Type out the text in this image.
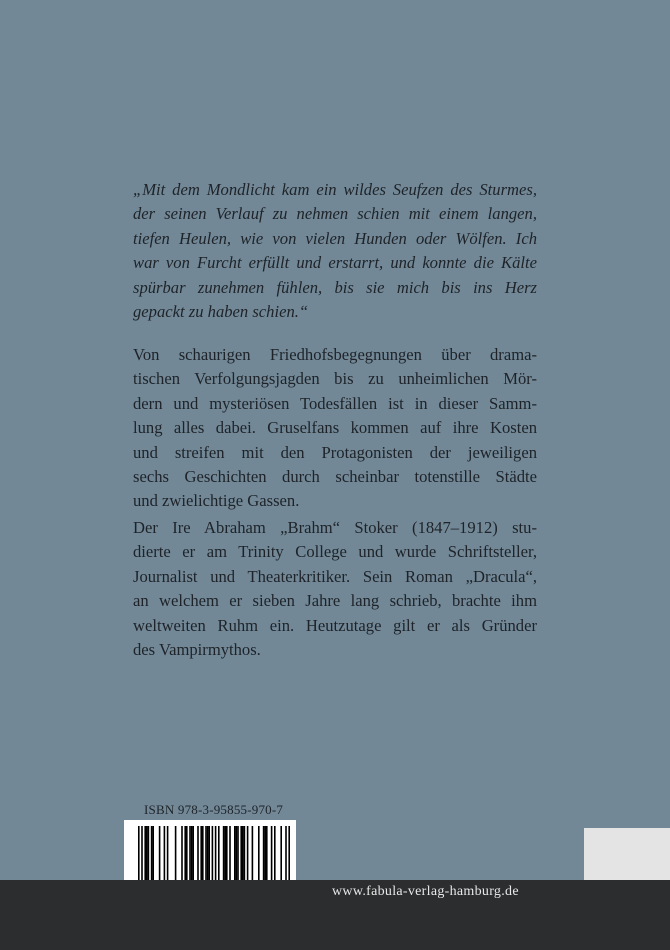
„Mit dem Mondlicht kam ein wildes Seufzen des Sturmes,
der seinen Verlauf zu nehmen schien mit einem langen,
tiefen Heulen, wie von vielen Hunden oder Wölfen. Ich
war von Furcht erfüllt und erstarrt, und konnte die Kälte
spürbar zunehmen fühlen, bis sie mich bis ins Herz
gepackt zu haben schien.“
Von schaurigen Friedhofsbegegnungen über drama-
tischen Verfolgungsjagden bis zu unheimlichen Mör-
dern und mysteriösen Todesfällen ist in dieser Samm-
lung alles dabei. Gruselfans kommen auf ihre Kosten
und streifen mit den Protagonisten der jeweiligen
sechs Geschichten durch scheinbar totenstille Städte
und zwielichtige Gassen.
Der Ire Abraham „Brahm“ Stoker (1847–1912) stu-
dierte er am Trinity College und wurde Schriftsteller,
Journalist und Theaterkritiker. Sein Roman „Dracula“,
an welchem er sieben Jahre lang schrieb, brachte ihm
weltweiten Ruhm ein. Heutzutage gilt er als Gründer
des Vampirmythos.
ISBN 978-3-95855-970-7
www.fabula-verlag-hamburg.de
